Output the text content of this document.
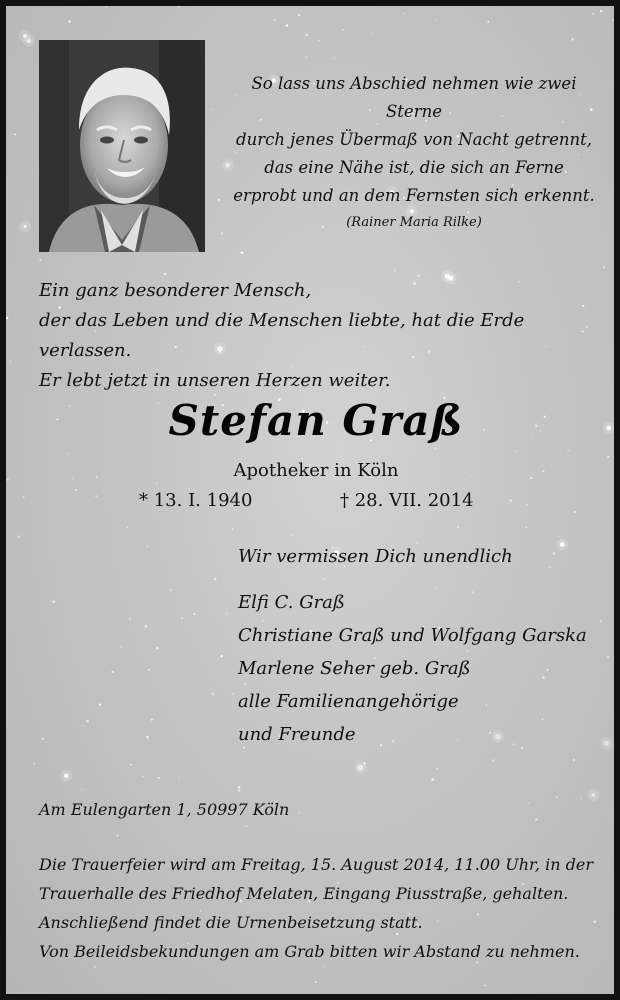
So lass uns Abschied nehmen wie zwei Sterne
durch jenes Übermaß von Nacht getrennt,
das eine Nähe ist, die sich an Ferne
erprobt und an dem Fernsten sich erkennt.
(Rainer Maria Rilke)
Ein ganz besonderer Mensch,
der das Leben und die Menschen liebte, hat die Erde verlassen.
Er lebt jetzt in unseren Herzen weiter.
Stefan Graß
Apotheker in Köln
* 13. I. 1940	† 28. VII. 2014
Wir vermissen Dich unendlich
Elfi C. Graß
Christiane Graß und Wolfgang Garska
Marlene Seher geb. Graß
alle Familienangehörige
und Freunde
Am Eulengarten 1, 50997 Köln
Die Trauerfeier wird am Freitag, 15. August 2014, 11.00 Uhr, in der
Trauerhalle des Friedhof Melaten, Eingang Piusstraße, gehalten.
Anschließend findet die Urnenbeisetzung statt.
Von Beileidsbekundungen am Grab bitten wir Abstand zu nehmen.
